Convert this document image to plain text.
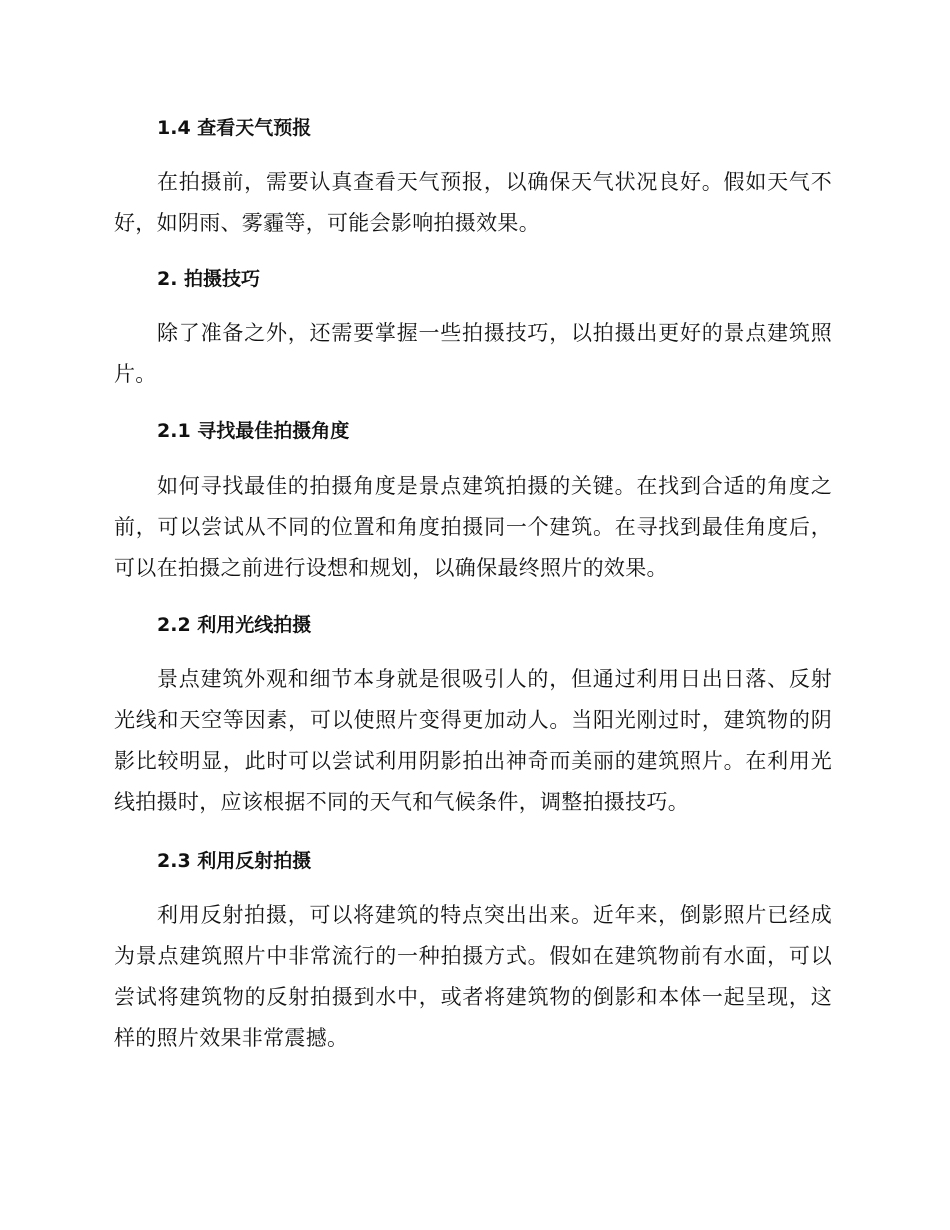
1.4 查看天气预报
在拍摄前，需要认真查看天气预报，以确保天气状况良好。假如天气不好，如阴雨、雾霾等，可能会影响拍摄效果。
2. 拍摄技巧
除了准备之外，还需要掌握一些拍摄技巧，以拍摄出更好的景点建筑照片。
2.1 寻找最佳拍摄角度
如何寻找最佳的拍摄角度是景点建筑拍摄的关键。在找到合适的角度之前，可以尝试从不同的位置和角度拍摄同一个建筑。在寻找到最佳角度后，可以在拍摄之前进行设想和规划，以确保最终照片的效果。
2.2 利用光线拍摄
景点建筑外观和细节本身就是很吸引人的，但通过利用日出日落、反射光线和天空等因素，可以使照片变得更加动人。当阳光刚过时，建筑物的阴影比较明显，此时可以尝试利用阴影拍出神奇而美丽的建筑照片。在利用光线拍摄时，应该根据不同的天气和气候条件，调整拍摄技巧。
2.3 利用反射拍摄
利用反射拍摄，可以将建筑的特点突出出来。近年来，倒影照片已经成为景点建筑照片中非常流行的一种拍摄方式。假如在建筑物前有水面，可以尝试将建筑物的反射拍摄到水中，或者将建筑物的倒影和本体一起呈现，这样的照片效果非常震撼。
